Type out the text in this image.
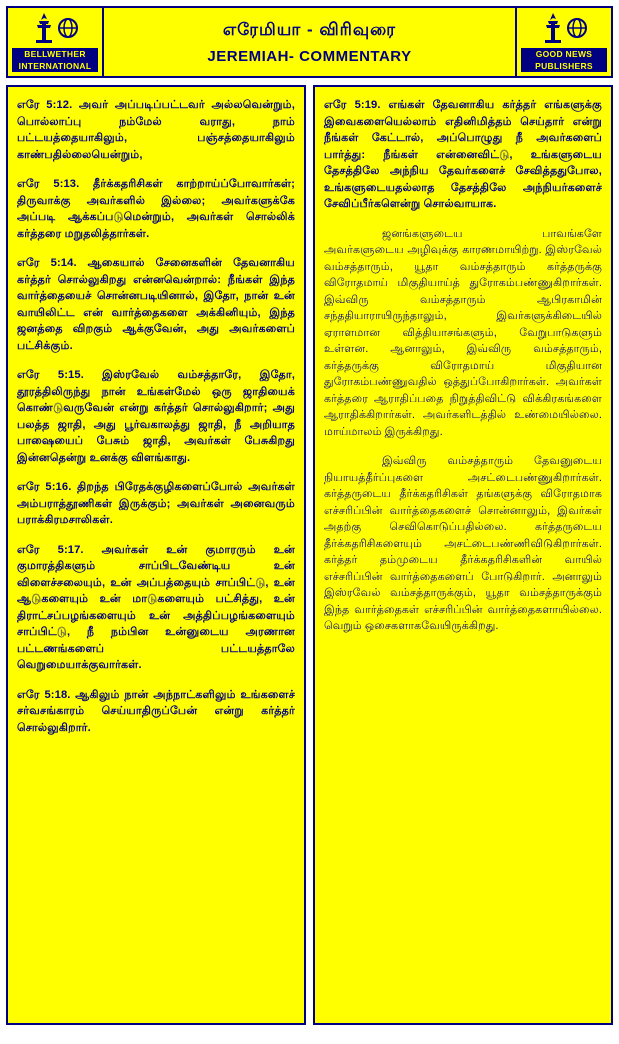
BELLWETHER
INTERNATIONAL
எரேமியா - விரிவுரை
JEREMIAH- COMMENTARY	GOOD NEWS
PUBLISHERS

எரே 5:12. அவர் அப்படிப்பட்டவர் அல்லவென்றும், பொல்லாப்பு நம்மேல் வராது, நாம் பட்டயத்தையாகிலும், பஞ்சத்தையாகிலும் காண்பதில்லையென்றும்,

எரே 5:13. தீர்க்கதரிசிகள் காற்றாய்ப்போவார்கள்; திருவாக்கு அவர்களில் இல்லை; அவர்களுக்கே அப்படி ஆக்கப்படுமென்றும், அவர்கள் சொல்லிக் கர்த்தரை மறுதலித்தார்கள்.

எரே 5:14. ஆகையால் சேனைகளின் தேவனாகிய கர்த்தர் சொல்லுகிறது என்னவென்றால்: நீங்கள் இந்த வார்த்தையைச் சொன்னபடியினால், இதோ, நான் உன் வாயிலிட்ட என் வார்த்தைகளை அக்கினியும், இந்த ஜனத்தை விறகும் ஆக்குவேன், அது அவர்களைப் பட்சிக்கும்.

எரே 5:15. இஸ்ரவேல் வம்சத்தாரே, இதோ, தூரத்திலிருந்து நான் உங்கள்மேல் ஒரு ஜாதியைக் கொண்டுவருவேன் என்று கர்த்தர் சொல்லுகிறார்; அது பலத்த ஜாதி, அது பூர்வகாலத்து ஜாதி, நீ அறியாத பாஷையைப் பேசும் ஜாதி, அவர்கள் பேசுகிறது இன்னதென்று உனக்கு விளங்காது.

எரே 5:16. திறந்த பிரேதக்குழிகளைப்போல் அவர்கள் அம்பராத்தூணிகள் இருக்கும்; அவர்கள் அனைவரும் பராக்கிரமசாலிகள்.

எரே 5:17. அவர்கள் உன் குமாரரும் உன் குமாரத்திகளும் சாப்பிடவேண்டிய உன் விளைச்சலையும், உன் அப்பத்தையும் சாப்பிட்டு, உன் ஆடுகளையும் உன் மாடுகளையும் பட்சித்து, உன் திராட்சப்பழங்களையும் உன் அத்திப்பழங்களையும் சாப்பிட்டு, நீ நம்பின உன்னுடைய அரணான பட்டணங்களைப் பட்டயத்தாலே வெறுமையாக்குவார்கள்.

எரே 5:18. ஆகிலும் நான் அந்நாட்களிலும் உங்களைச் சர்வசங்காரம் செய்யாதிருப்பேன் என்று கர்த்தர் சொல்லுகிறார்.

எரே 5:19. எங்கள் தேவனாகிய கர்த்தர் எங்களுக்கு இவைகளையெல்லாம் எதினிமித்தம் செய்தார் என்று நீங்கள் கேட்டால், அப்பொழுது நீ அவர்களைப் பார்த்து: நீங்கள் என்னைவிட்டு, உங்களுடைய தேசத்திலே அந்நிய தேவர்களைச் சேவித்ததுபோல, உங்களுடையதல்லாத தேசத்திலே அந்நியர்களைச் சேவிப்பீர்களென்று சொல்வாயாக.

ஜனங்களுடைய பாவங்களே அவர்களுடைய அழிவுக்கு காரணமாயிற்று. இஸ்ரவேல் வம்சத்தாரும், யூதா வம்சத்தாரும் கர்த்தருக்கு விரோதமாய் மிகுதியாய்த் துரோகம்பண்ணுகிறார்கள். இவ்விரு வம்சத்தாரும் ஆபிரகாமின் சந்ததியாராயிருந்தாலும், இவர்களுக்கிடையில் ஏராளமான வித்தியாசங்களும், வேறுபாடுகளும் உள்ளன. ஆனாலும், இவ்விரு வம்சத்தாரும், கர்த்தருக்கு விரோதமாய் மிகுதியான துரோகம்பண்ணுவதில் ஒத்துப்போகிறார்கள். அவர்கள் கர்த்தரை ஆராதிப்பதை நிறுத்திவிட்டு விக்கிரகங்களை ஆராதிக்கிறார்கள். அவர்களிடத்தில் உண்மையில்லை. மாய்மாலம் இருக்கிறது.

இவ்விரு வம்சத்தாரும் தேவனுடைய நியாயத்தீர்ப்புகளை அசட்டைபண்ணுகிறார்கள். கர்த்தருடைய தீர்க்கதரிசிகள் தங்களுக்கு விரோதமாக எச்சரிப்பின் வார்த்தைகளைச் சொன்னாலும், இவர்கள் அதற்கு செவிகொடுப்பதில்லை. கர்த்தருடைய தீர்க்கதரிசிகளையும் அசட்டைபண்ணிவிடுகிறார்கள். கர்த்தர் தம்முடைய தீர்க்கதரிசிகளின் வாயில் எச்சரிப்பின் வார்த்தைகளைப் போடுகிறார். அனாலும் இஸ்ரவேல் வம்சத்தாருக்கும், யூதா வம்சத்தாருக்கும் இந்த வார்த்தைகள் எச்சரிப்பின் வார்த்தைகளாயில்லை. வெறும் ஒசைகளாகவேயிருக்கிறது.
